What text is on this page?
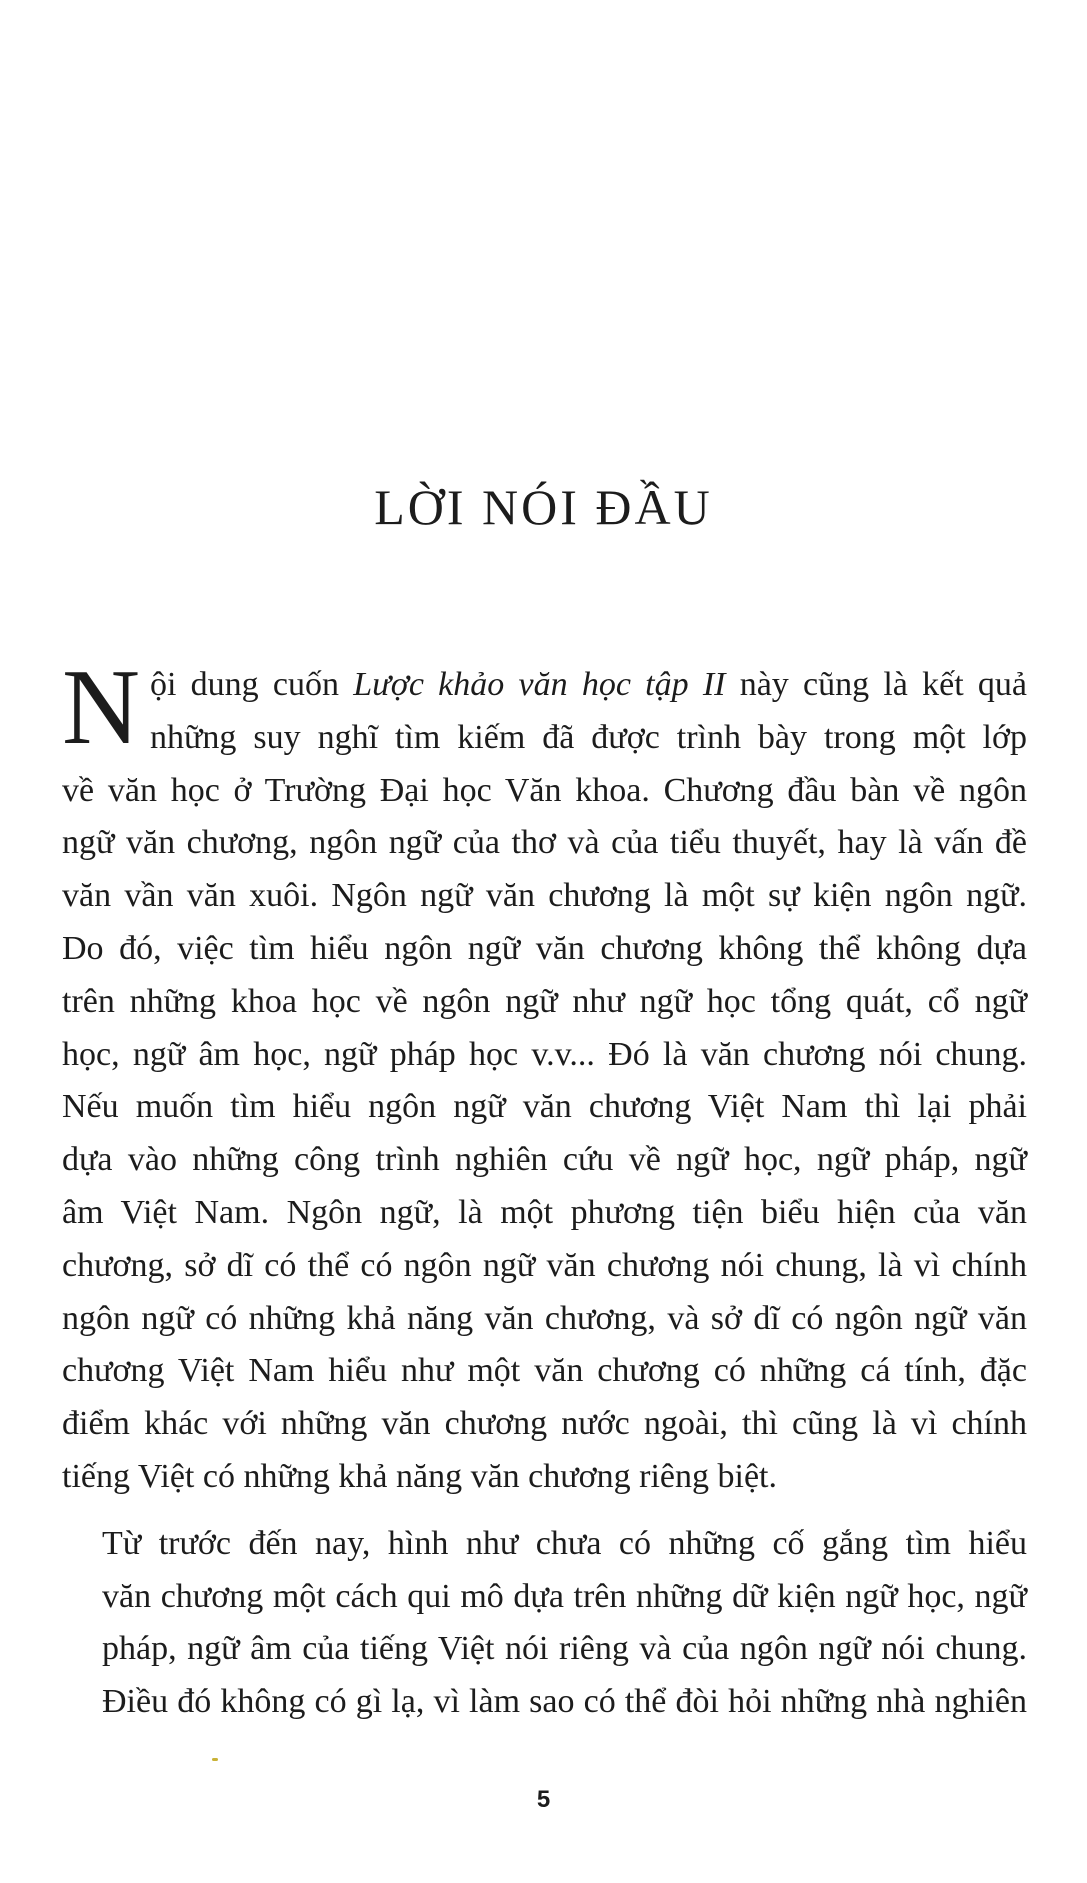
LỜI NÓI ĐẦU

N ội dung cuốn Lược khảo văn học tập II này cũng là kết quả
những suy nghĩ tìm kiếm đã được trình bày trong một lớp
về văn học ở Trường Đại học Văn khoa. Chương đầu bàn về ngôn
ngữ văn chương, ngôn ngữ của thơ và của tiểu thuyết, hay là vấn đề
văn vần văn xuôi. Ngôn ngữ văn chương là một sự kiện ngôn ngữ.
Do đó, việc tìm hiểu ngôn ngữ văn chương không thể không dựa
trên những khoa học về ngôn ngữ như ngữ học tổng quát, cổ ngữ
học, ngữ âm học, ngữ pháp học v.v... Đó là văn chương nói chung.
Nếu muốn tìm hiểu ngôn ngữ văn chương Việt Nam thì lại phải
dựa vào những công trình nghiên cứu về ngữ học, ngữ pháp, ngữ
âm Việt Nam. Ngôn ngữ, là một phương tiện biểu hiện của văn
chương, sở dĩ có thể có ngôn ngữ văn chương nói chung, là vì chính
ngôn ngữ có những khả năng văn chương, và sở dĩ có ngôn ngữ văn
chương Việt Nam hiểu như một văn chương có những cá tính, đặc
điểm khác với những văn chương nước ngoài, thì cũng là vì chính
tiếng Việt có những khả năng văn chương riêng biệt.

Từ trước đến nay, hình như chưa có những cố gắng tìm hiểu
văn chương một cách qui mô dựa trên những dữ kiện ngữ học, ngữ
pháp, ngữ âm của tiếng Việt nói riêng và của ngôn ngữ nói chung.
Điều đó không có gì lạ, vì làm sao có thể đòi hỏi những nhà nghiên

5
